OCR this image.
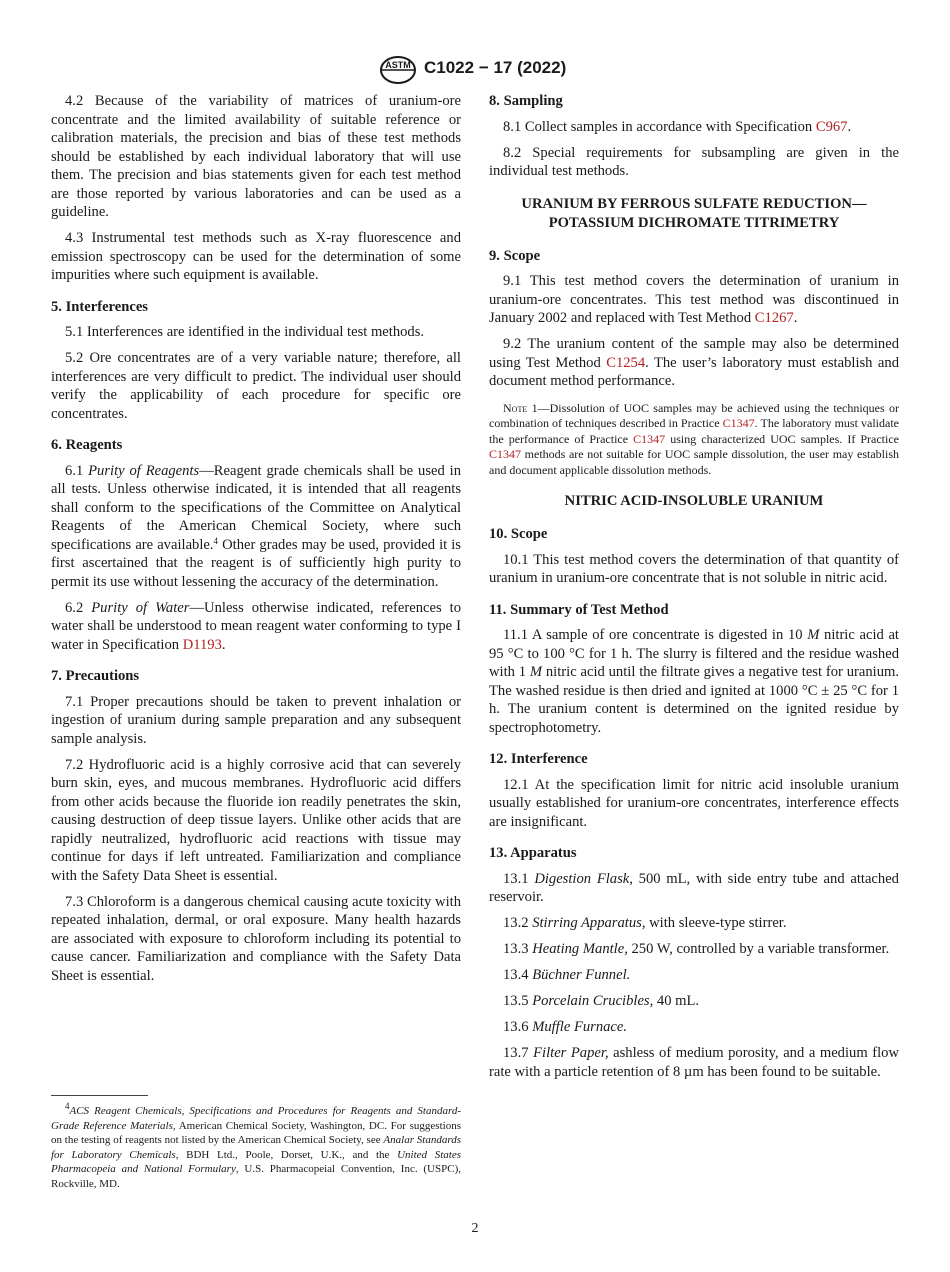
ASTM C1022 − 17 (2022)

4.2 Because of the variability of matrices of uranium-ore concentrate and the limited availability of suitable reference or calibration materials, the precision and bias of these test methods should be established by each individual laboratory that will use them. The precision and bias statements given for each test method are those reported by various laboratories and can be used as a guideline.

4.3 Instrumental test methods such as X-ray fluorescence and emission spectroscopy can be used for the determination of some impurities where such equipment is available.

5. Interferences

5.1 Interferences are identified in the individual test methods.

5.2 Ore concentrates are of a very variable nature; therefore, all interferences are very difficult to predict. The individual user should verify the applicability of each procedure for specific ore concentrates.

6. Reagents

6.1 Purity of Reagents—Reagent grade chemicals shall be used in all tests. Unless otherwise indicated, it is intended that all reagents shall conform to the specifications of the Committee on Analytical Reagents of the American Chemical Society, where such specifications are available.$^4$ Other grades may be used, provided it is first ascertained that the reagent is of sufficiently high purity to permit its use without lessening the accuracy of the determination.

6.2 Purity of Water—Unless otherwise indicated, references to water shall be understood to mean reagent water conforming to type I water in Specification D1193.

7. Precautions

7.1 Proper precautions should be taken to prevent inhalation or ingestion of uranium during sample preparation and any subsequent sample analysis.

7.2 Hydrofluoric acid is a highly corrosive acid that can severely burn skin, eyes, and mucous membranes. Hydrofluoric acid differs from other acids because the fluoride ion readily penetrates the skin, causing destruction of deep tissue layers. Unlike other acids that are rapidly neutralized, hydrofluoric acid reactions with tissue may continue for days if left untreated. Familiarization and compliance with the Safety Data Sheet is essential.

7.3 Chloroform is a dangerous chemical causing acute toxicity with repeated inhalation, dermal, or oral exposure. Many health hazards are associated with exposure to chloroform including its potential to cause cancer. Familiarization and compliance with the Safety Data Sheet is essential.

$^4$ACS Reagent Chemicals, Specifications and Procedures for Reagents and Standard-Grade Reference Materials, American Chemical Society, Washington, DC. For suggestions on the testing of reagents not listed by the American Chemical Society, see Analar Standards for Laboratory Chemicals, BDH Ltd., Poole, Dorset, U.K., and the United States Pharmacopeia and National Formulary, U.S. Pharmacopeial Convention, Inc. (USPC), Rockville, MD.
8. Sampling

8.1 Collect samples in accordance with Specification C967.

8.2 Special requirements for subsampling are given in the individual test methods.

URANIUM BY FERROUS SULFATE REDUCTION—POTASSIUM DICHROMATE TITRIMETRY
9. Scope

9.1 This test method covers the determination of uranium in uranium-ore concentrates. This test method was discontinued in January 2002 and replaced with Test Method C1267.

9.2 The uranium content of the sample may also be determined using Test Method C1254. The user’s laboratory must establish and document method performance.

Note 1—Dissolution of UOC samples may be achieved using the techniques or combination of techniques described in Practice C1347. The laboratory must validate the performance of Practice C1347 using characterized UOC samples. If Practice C1347 methods are not suitable for UOC sample dissolution, the user may establish and document applicable dissolution methods.

NITRIC ACID-INSOLUBLE URANIUM
10. Scope

10.1 This test method covers the determination of that quantity of uranium in uranium-ore concentrate that is not soluble in nitric acid.

11. Summary of Test Method

11.1 A sample of ore concentrate is digested in 10 M nitric acid at 95 °C to 100 °C for 1 h. The slurry is filtered and the residue washed with 1 M nitric acid until the filtrate gives a negative test for uranium. The washed residue is then dried and ignited at 1000 °C ± 25 °C for 1 h. The uranium content is determined on the ignited residue by spectrophotometry.

12. Interference

12.1 At the specification limit for nitric acid insoluble uranium usually established for uranium-ore concentrates, interference effects are insignificant.

13. Apparatus

13.1 Digestion Flask, 500 mL, with side entry tube and attached reservoir.

13.2 Stirring Apparatus, with sleeve-type stirrer.

13.3 Heating Mantle, 250 W, controlled by a variable transformer.

13.4 Büchner Funnel.

13.5 Porcelain Crucibles, 40 mL.

13.6 Muffle Furnace.

13.7 Filter Paper, ashless of medium porosity, and a medium flow rate with a particle retention of 8 µm has been found to be suitable.

2
